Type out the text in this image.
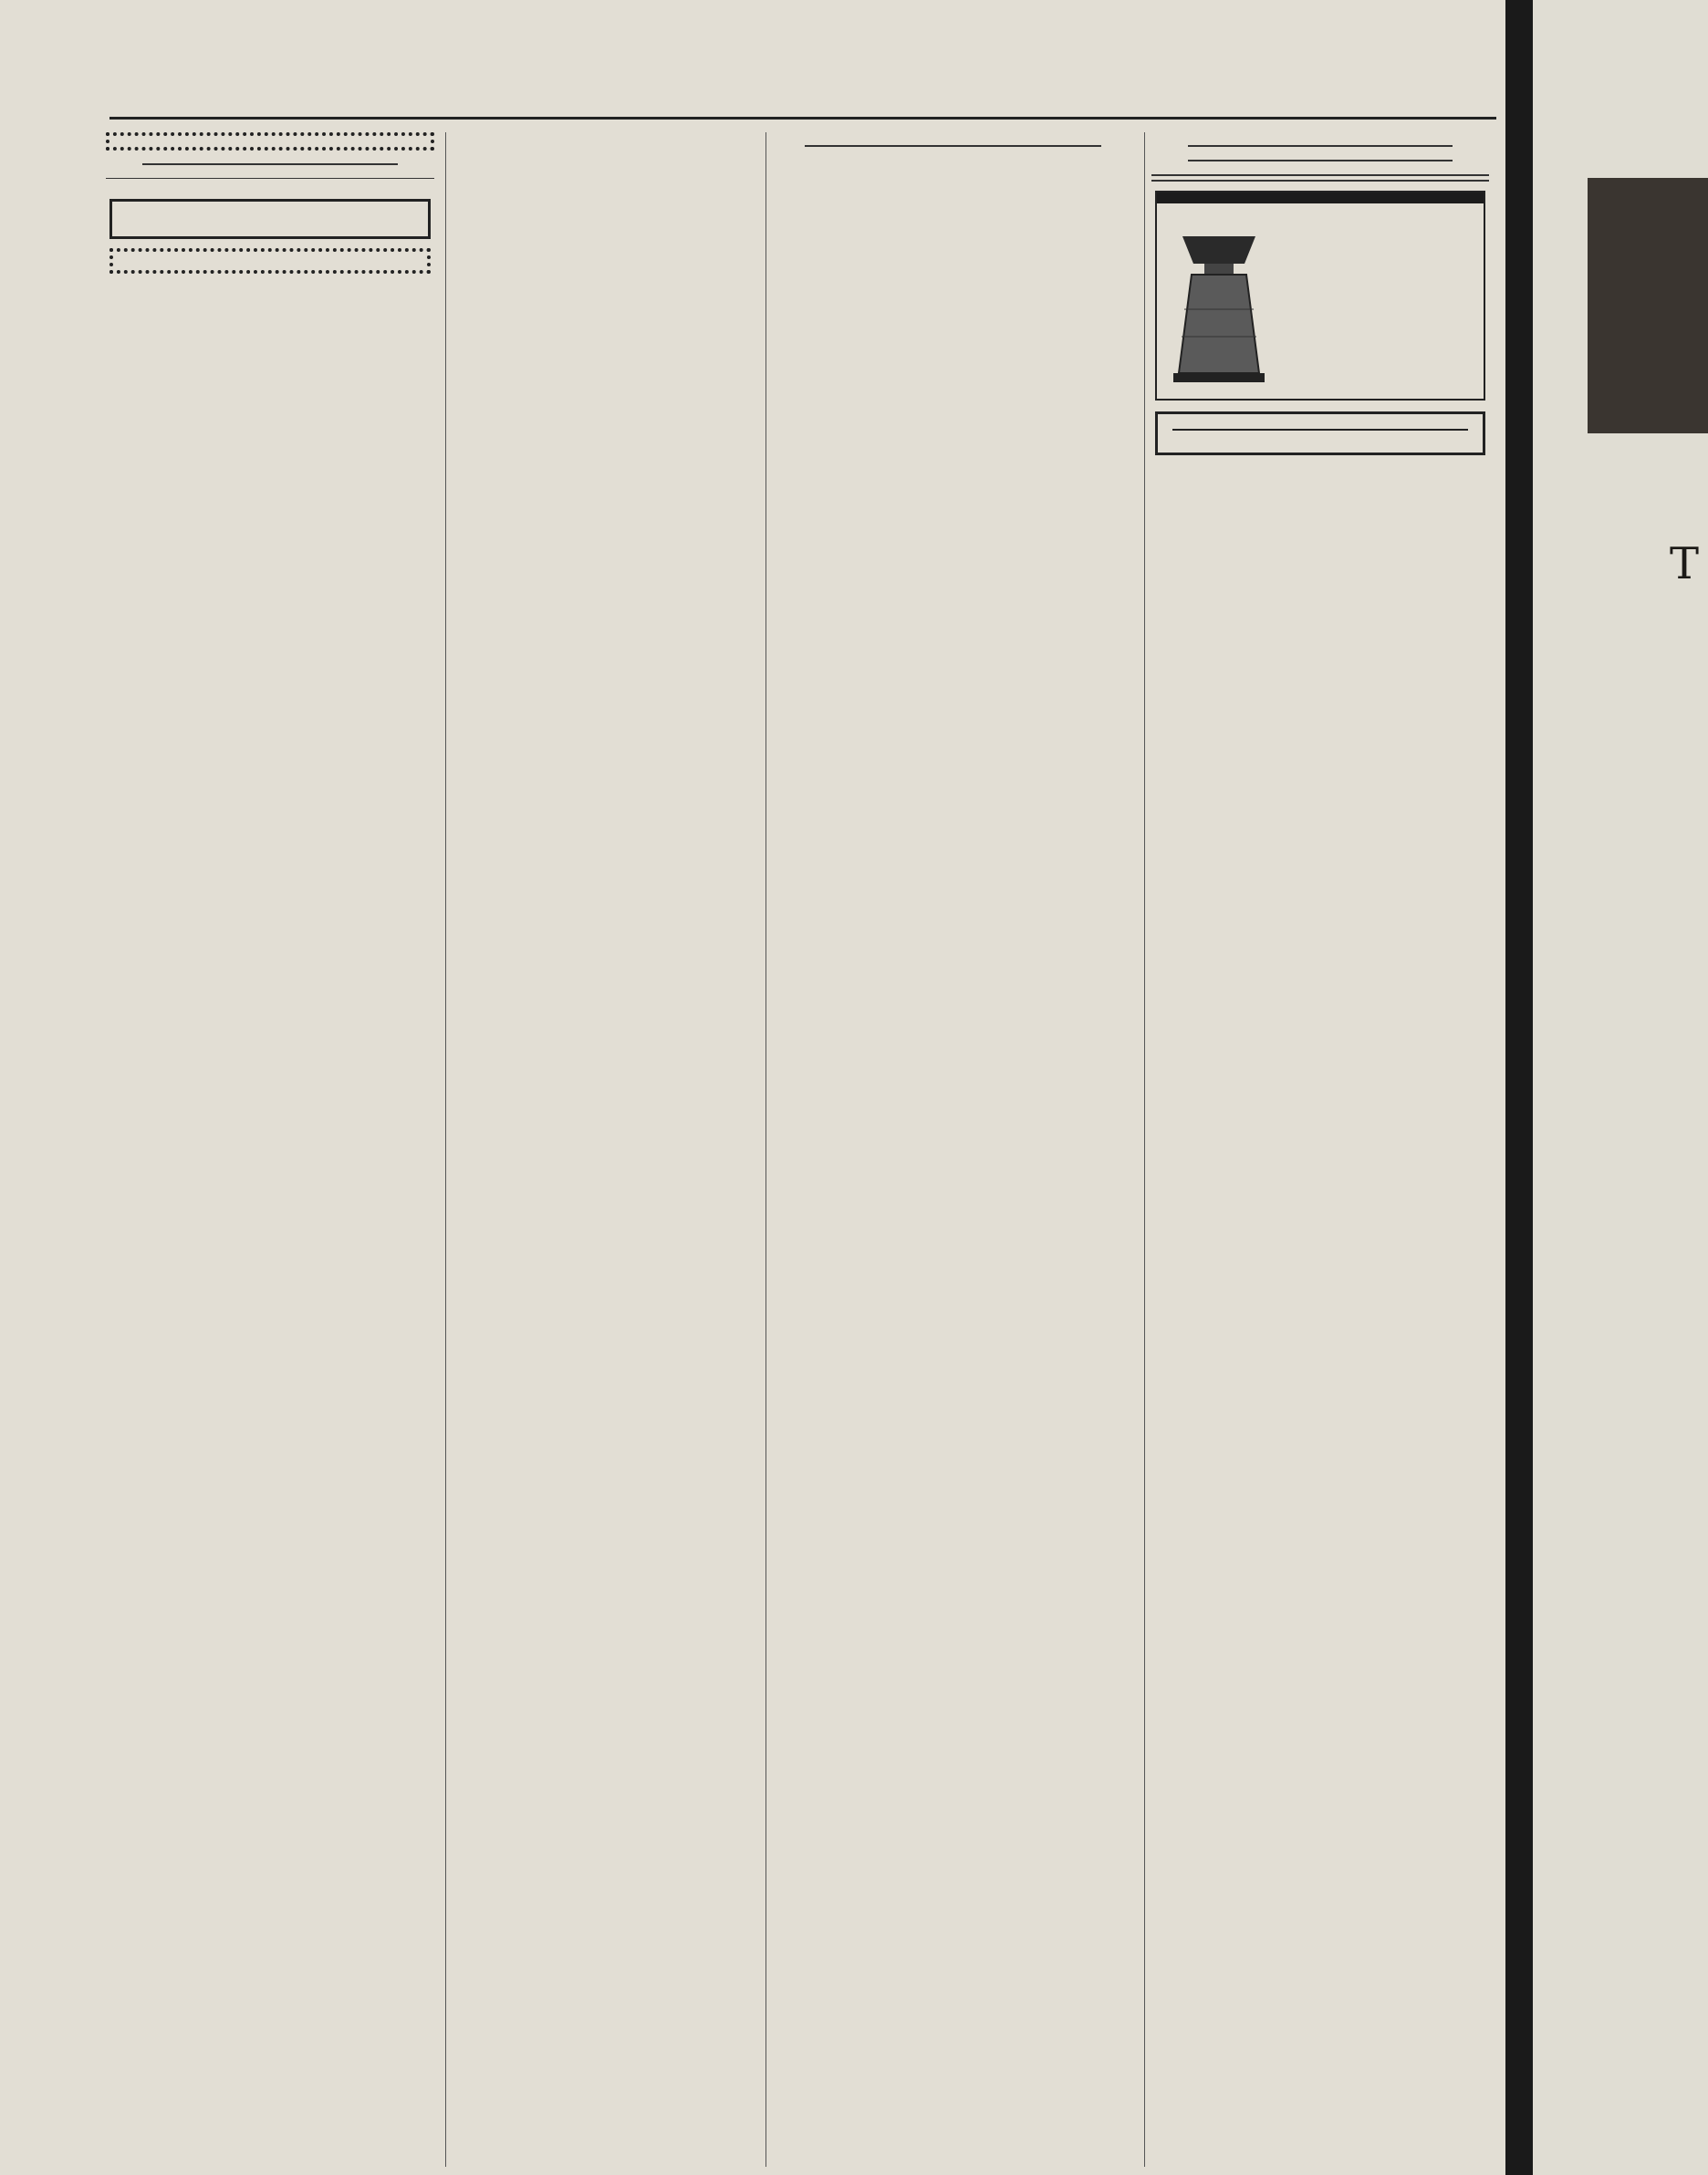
Т
